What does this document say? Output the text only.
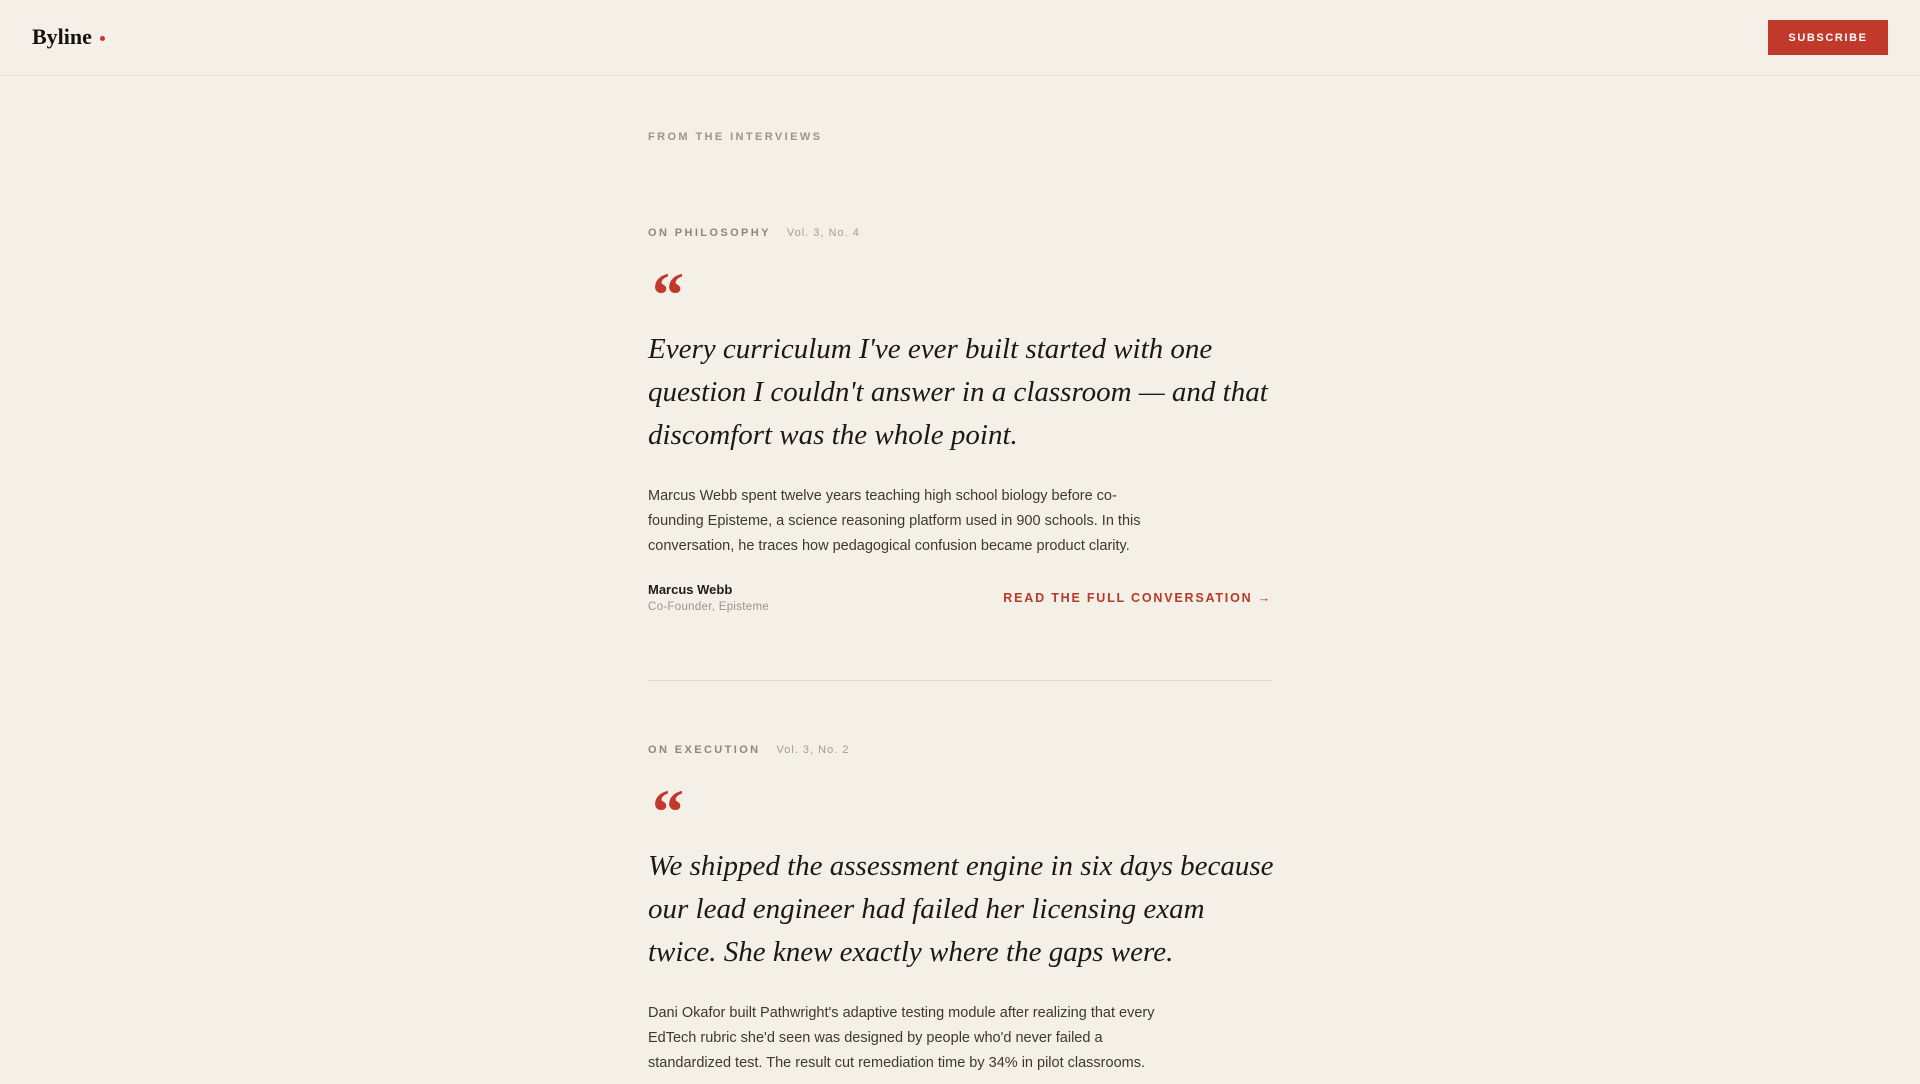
Byline	SUBSCRIBE
FROM THE INTERVIEWS
ON PHILOSOPHY Vol. 3, No. 4
“
Every curriculum I've ever built started with one question I couldn't answer in a classroom — and that discomfort was the whole point.

Marcus Webb spent twelve years teaching high school biology before co-founding Episteme, a science reasoning platform used in 900 schools. In this conversation, he traces how pedagogical confusion became product clarity.

Marcus Webb
Co-Founder, Episteme
READ THE FULL CONVERSATION →
ON EXECUTION Vol. 3, No. 2
“
We shipped the assessment engine in six days because our lead engineer had failed her licensing exam twice. She knew exactly where the gaps were.

Dani Okafor built Pathwright's adaptive testing module after realizing that every EdTech rubric she'd seen was designed by people who'd never failed a standardized test. The result cut remediation time by 34% in pilot classrooms.
